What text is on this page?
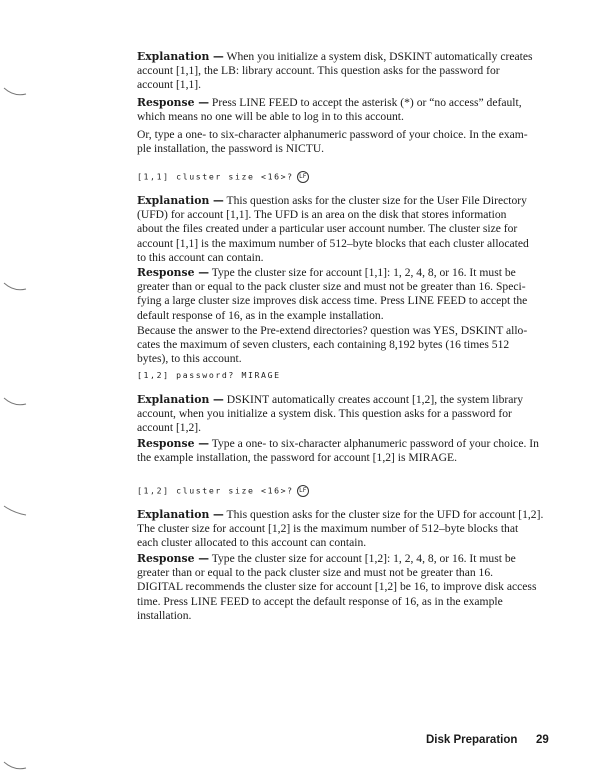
Explanation — When you initialize a system disk, DSKINT automatically creates
account [1,1], the LB: library account. This question asks for the password for
account [1,1].
Response — Press LINE FEED to accept the asterisk (*) or “no access” default,
which means no one will be able to log in to this account.
Or, type a one- to six-character alphanumeric password of your choice. In the exam-
ple installation, the password is NICTU.
[1,1] cluster size <16>? LF
Explanation — This question asks for the cluster size for the User File Directory
(UFD) for account [1,1]. The UFD is an area on the disk that stores information
about the files created under a particular user account number. The cluster size for
account [1,1] is the maximum number of 512–byte blocks that each cluster allocated
to this account can contain.
Response — Type the cluster size for account [1,1]: 1, 2, 4, 8, or 16. It must be
greater than or equal to the pack cluster size and must not be greater than 16. Speci-
fying a large cluster size improves disk access time. Press LINE FEED to accept the
default response of 16, as in the example installation.
Because the answer to the Pre-extend directories? question was YES, DSKINT allo-
cates the maximum of seven clusters, each containing 8,192 bytes (16 times 512
bytes), to this account.
[1,2] password? MIRAGE
Explanation — DSKINT automatically creates account [1,2], the system library
account, when you initialize a system disk. This question asks for a password for
account [1,2].
Response — Type a one- to six-character alphanumeric password of your choice. In
the example installation, the password for account [1,2] is MIRAGE.
[1,2] cluster size <16>? LF
Explanation — This question asks for the cluster size for the UFD for account [1,2].
The cluster size for account [1,2] is the maximum number of 512–byte blocks that
each cluster allocated to this account can contain.
Response — Type the cluster size for account [1,2]: 1, 2, 4, 8, or 16. It must be
greater than or equal to the pack cluster size and must not be greater than 16.
DIGITAL recommends the cluster size for account [1,2] be 16, to improve disk access
time. Press LINE FEED to accept the default response of 16, as in the example
installation.
Disk Preparation 29
